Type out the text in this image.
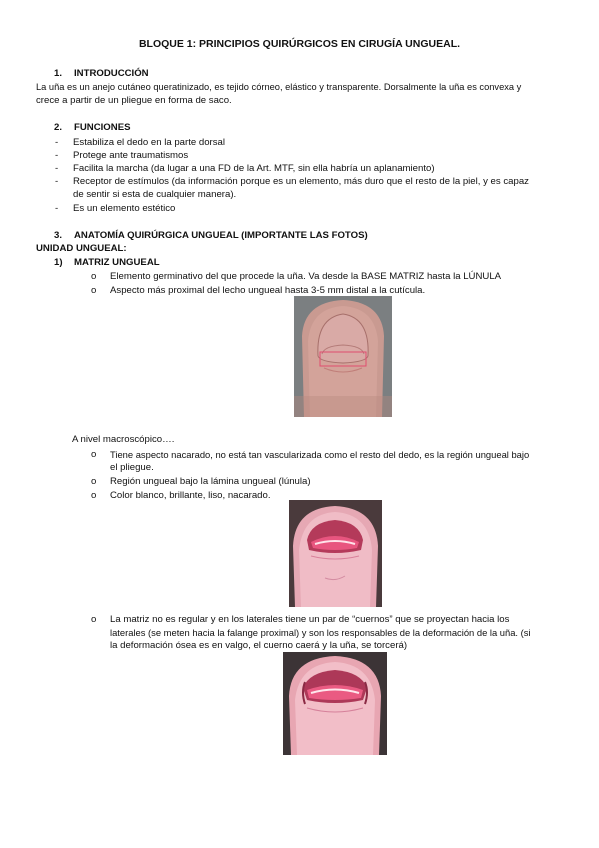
BLOQUE 1: PRINCIPIOS QUIRÚRGICOS EN CIRUGÍA UNGUEAL.
1. INTRODUCCIÓN
La uña es un anejo cutáneo queratinizado, es tejido córneo, elástico y transparente. Dorsalmente la uña es convexa y
crece a partir de un pliegue en forma de saco.
2. FUNCIONES
- Estabiliza el dedo en la parte dorsal
- Protege ante traumatismos
- Facilita la marcha (da lugar a una FD de la Art. MTF, sin ella habría un aplanamiento)
- Receptor de estímulos (da información porque es un elemento, más duro que el resto de la piel, y es capaz
de sentir si esta de cualquier manera).
- Es un elemento estético
3. ANATOMÍA QUIRÚRGICA UNGUEAL (IMPORTANTE LAS FOTOS)
UNIDAD UNGUEAL:
1) MATRIZ UNGUEAL
o Elemento germinativo del que procede la uña. Va desde la BASE MATRIZ hasta la LÚNULA
o Aspecto más proximal del lecho ungueal hasta 3-5 mm distal a la cutícula.
A nivel macroscópico….
o Tiene aspecto nacarado, no está tan vascularizada como el resto del dedo, es la región ungueal bajo
el pliegue.
o Región ungueal bajo la lámina ungueal (lúnula)
o Color blanco, brillante, liso, nacarado.
o La matriz no es regular y en los laterales tiene un par de “cuernos” que se proyectan hacia los
laterales (se meten hacia la falange proximal) y son los responsables de la deformación de la uña. (si
la deformación ósea es en valgo, el cuerno caerá y la uña, se torcerá)
